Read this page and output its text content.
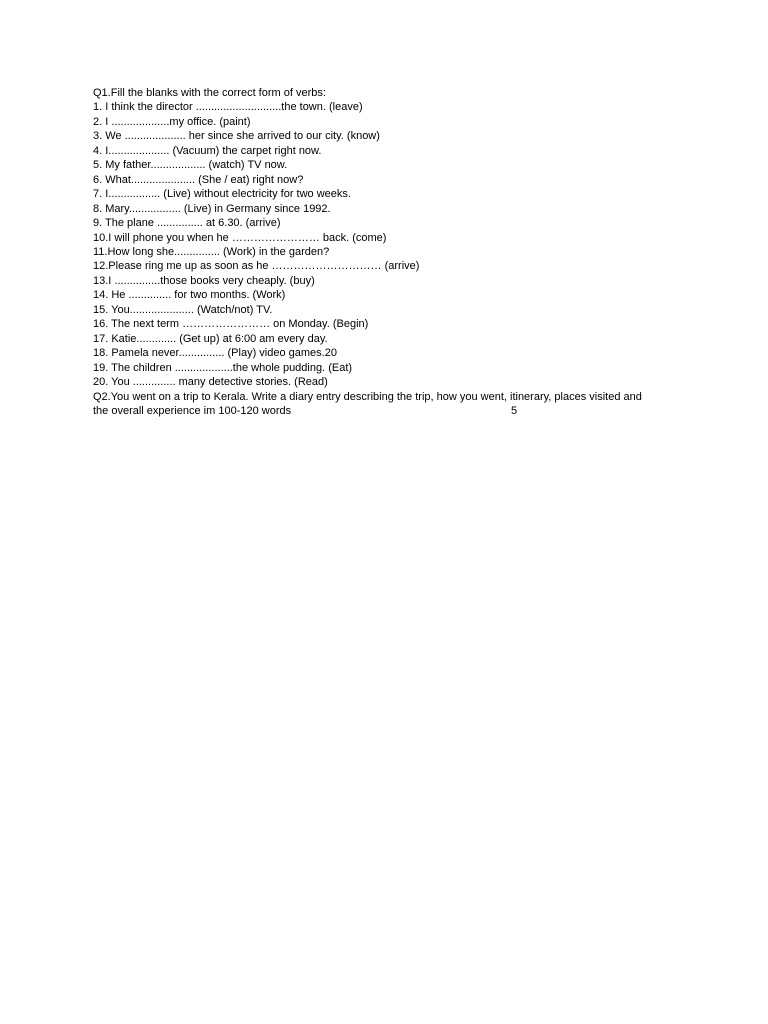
Q1.Fill the blanks with the correct form of verbs:

1. I think the director ............................the town. (leave)

2. I ...................my office. (paint)

3. We .................... her since she arrived to our city. (know)

4. I.................... (Vacuum) the carpet right now.

5. My father.................. (watch) TV now.

6. What..................... (She / eat) right now?

7. I................. (Live) without electricity for two weeks.

8. Mary................. (Live) in Germany since 1992.

9. The plane ............... at 6.30. (arrive)

10.I will phone you when he …………………… back. (come)

11.How long she............... (Work) in the garden?

12.Please ring me up as soon as he ………………………… (arrive)

13.I ...............those books very cheaply. (buy)

14. He .............. for two months. (Work)

15. You..................... (Watch/not) TV.

16. The next term …………………… on Monday. (Begin)

17. Katie............. (Get up) at 6:00 am every day.

18. Pamela never............... (Play) video games.20

19. The children ...................the whole pudding. (Eat)

20. You .............. many detective stories. (Read)

Q2.You went on a trip to Kerala. Write a diary entry describing the trip, how you went, itinerary, places visited and

the overall experience im 100-120 words	5
